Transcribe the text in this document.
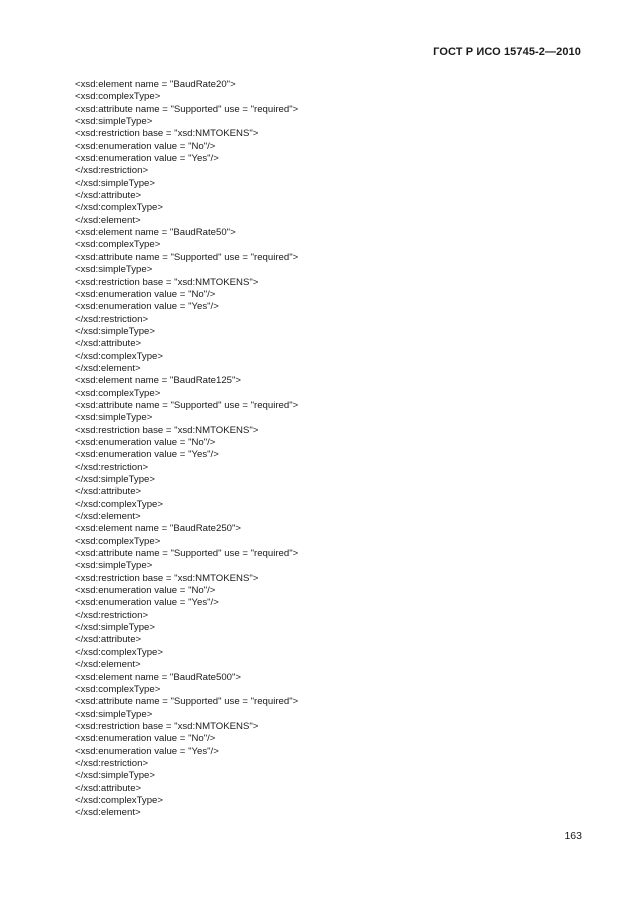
ГОСТ Р ИСО 15745-2—2010
<xsd:element name = "BaudRate20">
<xsd:complexType>
<xsd:attribute name = "Supported" use = "required">
<xsd:simpleType>
<xsd:restriction base = "xsd:NMTOKENS">
<xsd:enumeration value = "No"/>
<xsd:enumeration value = "Yes"/>
</xsd:restriction>
</xsd:simpleType>
</xsd:attribute>
</xsd:complexType>
</xsd:element>
<xsd:element name = "BaudRate50">
<xsd:complexType>
<xsd:attribute name = "Supported" use = "required">
<xsd:simpleType>
<xsd:restriction base = "xsd:NMTOKENS">
<xsd:enumeration value = "No"/>
<xsd:enumeration value = "Yes"/>
</xsd:restriction>
</xsd:simpleType>
</xsd:attribute>
</xsd:complexType>
</xsd:element>
<xsd:element name = "BaudRate125">
<xsd:complexType>
<xsd:attribute name = "Supported" use = "required">
<xsd:simpleType>
<xsd:restriction base = "xsd:NMTOKENS">
<xsd:enumeration value = "No"/>
<xsd:enumeration value = "Yes"/>
</xsd:restriction>
</xsd:simpleType>
</xsd:attribute>
</xsd:complexType>
</xsd:element>
<xsd:element name = "BaudRate250">
<xsd:complexType>
<xsd:attribute name = "Supported" use = "required">
<xsd:simpleType>
<xsd:restriction base = "xsd:NMTOKENS">
<xsd:enumeration value = "No"/>
<xsd:enumeration value = "Yes"/>
</xsd:restriction>
</xsd:simpleType>
</xsd:attribute>
</xsd:complexType>
</xsd:element>
<xsd:element name = "BaudRate500">
<xsd:complexType>
<xsd:attribute name = "Supported" use = "required">
<xsd:simpleType>
<xsd:restriction base = "xsd:NMTOKENS">
<xsd:enumeration value = "No"/>
<xsd:enumeration value = "Yes"/>
</xsd:restriction>
</xsd:simpleType>
</xsd:attribute>
</xsd:complexType>
</xsd:element>
163
